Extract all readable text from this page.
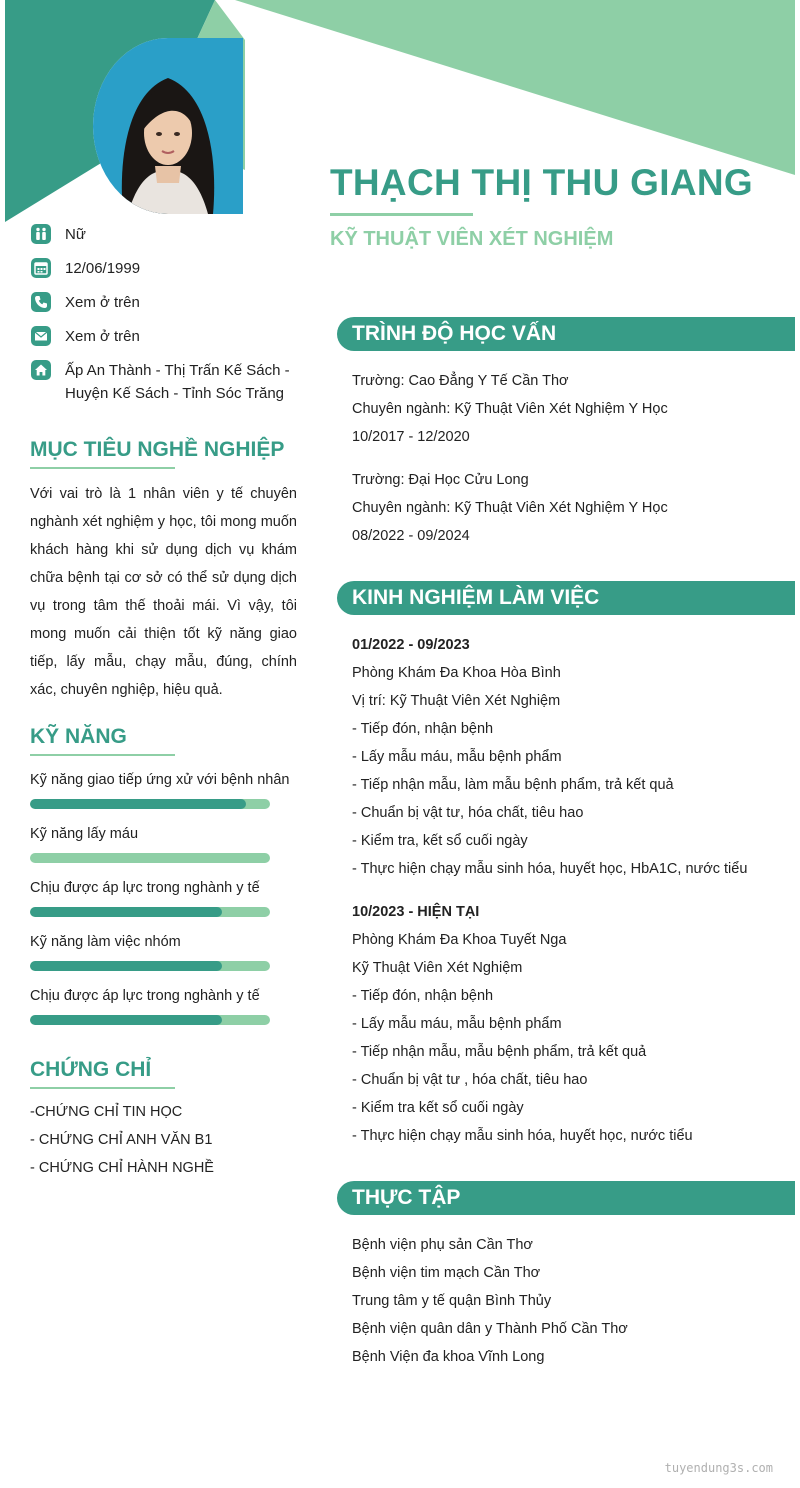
THẠCH THỊ THU GIANG
KỸ THUẬT VIÊN XÉT NGHIỆM
Nữ
12/06/1999
Xem ở trên
Xem ở trên
Ấp An Thành - Thị Trấn Kế Sách -
Huyện Kế Sách - Tỉnh Sóc Trăng
MỤC TIÊU NGHỀ NGHIỆP
Với vai trò là 1 nhân viên y tế chuyên nghành xét nghiệm y học, tôi mong muốn khách hàng khi sử dụng dịch vụ khám chữa bệnh tại cơ sở có thể sử dụng dịch vụ trong tâm thế thoải mái. Vì vậy, tôi mong muốn cải thiện tốt kỹ năng giao tiếp, lấy mẫu, chạy mẫu, đúng, chính xác, chuyên nghiệp, hiệu quả.
KỸ NĂNG
Kỹ năng giao tiếp ứng xử với bệnh nhân
Kỹ năng lấy máu
Chịu được áp lực trong nghành y tế
Kỹ năng làm việc nhóm
Chịu được áp lực trong nghành y tế
CHỨNG CHỈ
-CHỨNG CHỈ TIN HỌC
- CHỨNG CHỈ ANH VĂN B1
- CHỨNG CHỈ HÀNH NGHỀ
TRÌNH ĐỘ HỌC VẤN
Trường: Cao Đẳng Y Tế Cần Thơ
Chuyên ngành: Kỹ Thuật Viên Xét Nghiệm Y Học
10/2017 - 12/2020
Trường: Đại Học Cửu Long
Chuyên ngành: Kỹ Thuật Viên Xét Nghiệm Y Học
08/2022 - 09/2024
KINH NGHIỆM LÀM VIỆC
01/2022 - 09/2023
Phòng Khám Đa Khoa Hòa Bình
Vị trí: Kỹ Thuật Viên Xét Nghiệm
- Tiếp đón, nhận bệnh
- Lấy mẫu máu, mẫu bệnh phẩm
- Tiếp nhận mẫu, làm mẫu bệnh phẩm, trả kết quả
- Chuẩn bị vật tư, hóa chất, tiêu hao
- Kiểm tra, kết sổ cuối ngày
- Thực hiện chạy mẫu sinh hóa, huyết học, HbA1C, nước tiểu
10/2023 - HIỆN TẠI
Phòng Khám Đa Khoa Tuyết Nga
Kỹ Thuật Viên Xét Nghiệm
- Tiếp đón, nhận bệnh
- Lấy mẫu máu, mẫu bệnh phẩm
- Tiếp nhận mẫu, mẫu bệnh phẩm, trả kết quả
- Chuẩn bị vật tư , hóa chất, tiêu hao
- Kiểm tra kết sổ cuối ngày
- Thực hiện chạy mẫu sinh hóa, huyết học, nước tiểu
THỰC TẬP
Bệnh viện phụ sản Cần Thơ
Bệnh viện tim mạch Cần Thơ
Trung tâm y tế quận Bình Thủy
Bệnh viện quân dân y Thành Phố Cần Thơ
Bệnh Viện đa khoa Vĩnh Long
tuyendung3s.com
